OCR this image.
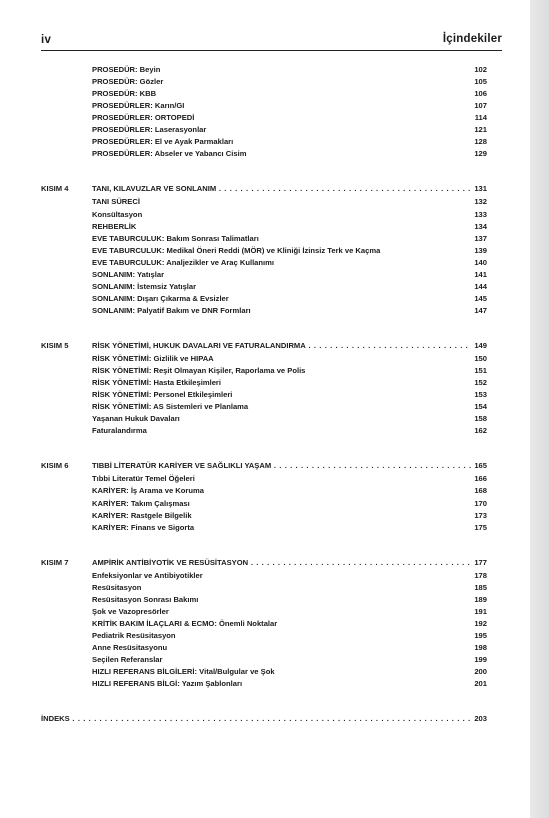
iv	İçindekiler
PROSEDÜR: Beyin	102
PROSEDÜR: Gözler	105
PROSEDÜR: KBB	106
PROSEDÜRLER: Karın/GI	107
PROSEDÜRLER: ORTOPEDİ	114
PROSEDÜRLER: Laserasyonlar	121
PROSEDÜRLER: El ve Ayak Parmakları	128
PROSEDÜRLER: Abseler ve Yabancı Cisim	129
KISIM 4	TANI, KILAVUZLAR VE SONLANIM . . .	131
TANI SÜRECİ	132
Konsültasyon	133
REHBERLİK	134
EVE TABURCULUK: Bakım Sonrası Talimatları	137
EVE TABURCULUK: Medikal Öneri Reddi (MÖR) ve Kliniği İzinsiz Terk ve Kaçma	139
EVE TABURCULUK: Analjezikler ve Araç Kullanımı	140
SONLANIM: Yatışlar	141
SONLANIM: İstemsiz Yatışlar	144
SONLANIM: Dışarı Çıkarma & Evsizler	145
SONLANIM: Palyatif Bakım ve DNR Formları	147
KISIM 5	RİSK YÖNETİMİ, HUKUK DAVALARI VE FATURALANDIRMA . . .	149
RİSK YÖNETİMİ: Gizlilik ve HIPAA	150
RİSK YÖNETİMİ: Reşit Olmayan Kişiler, Raporlama ve Polis	151
RİSK YÖNETİMİ: Hasta Etkileşimleri	152
RİSK YÖNETİMİ: Personel Etkileşimleri	153
RİSK YÖNETİMİ: AS Sistemleri ve Planlama	154
Yaşanan Hukuk Davaları	158
Faturalandırma	162
KISIM 6	TIBBİ LİTERATÜR KARİYER VE SAĞLIKLI YAŞAM . . .	165
Tıbbi Literatür Temel Öğeleri	166
KARİYER: İş Arama ve Koruma	168
KARİYER: Takım Çalışması	170
KARİYER: Rastgele Bilgelik	173
KARİYER: Finans ve Sigorta	175
KISIM 7	AMPİRİK ANTİBİYOTİK VE RESÜSİTASYON . . .	177
Enfeksiyonlar ve Antibiyotikler	178
Resüsitasyon	185
Resüsitasyon Sonrası Bakımı	189
Şok ve Vazopresörler	191
KRİTİK BAKIM İLAÇLARI & ECMO: Önemli Noktalar	192
Pediatrik Resüsitasyon	195
Anne Resüsitasyonu	198
Seçilen Referanslar	199
HIZLI REFERANS BİLGİLERİ: Vital/Bulgular ve Şok	200
HIZLI REFERANS BİLGİ: Yazım Şablonları	201
İNDEKS . . .	203
